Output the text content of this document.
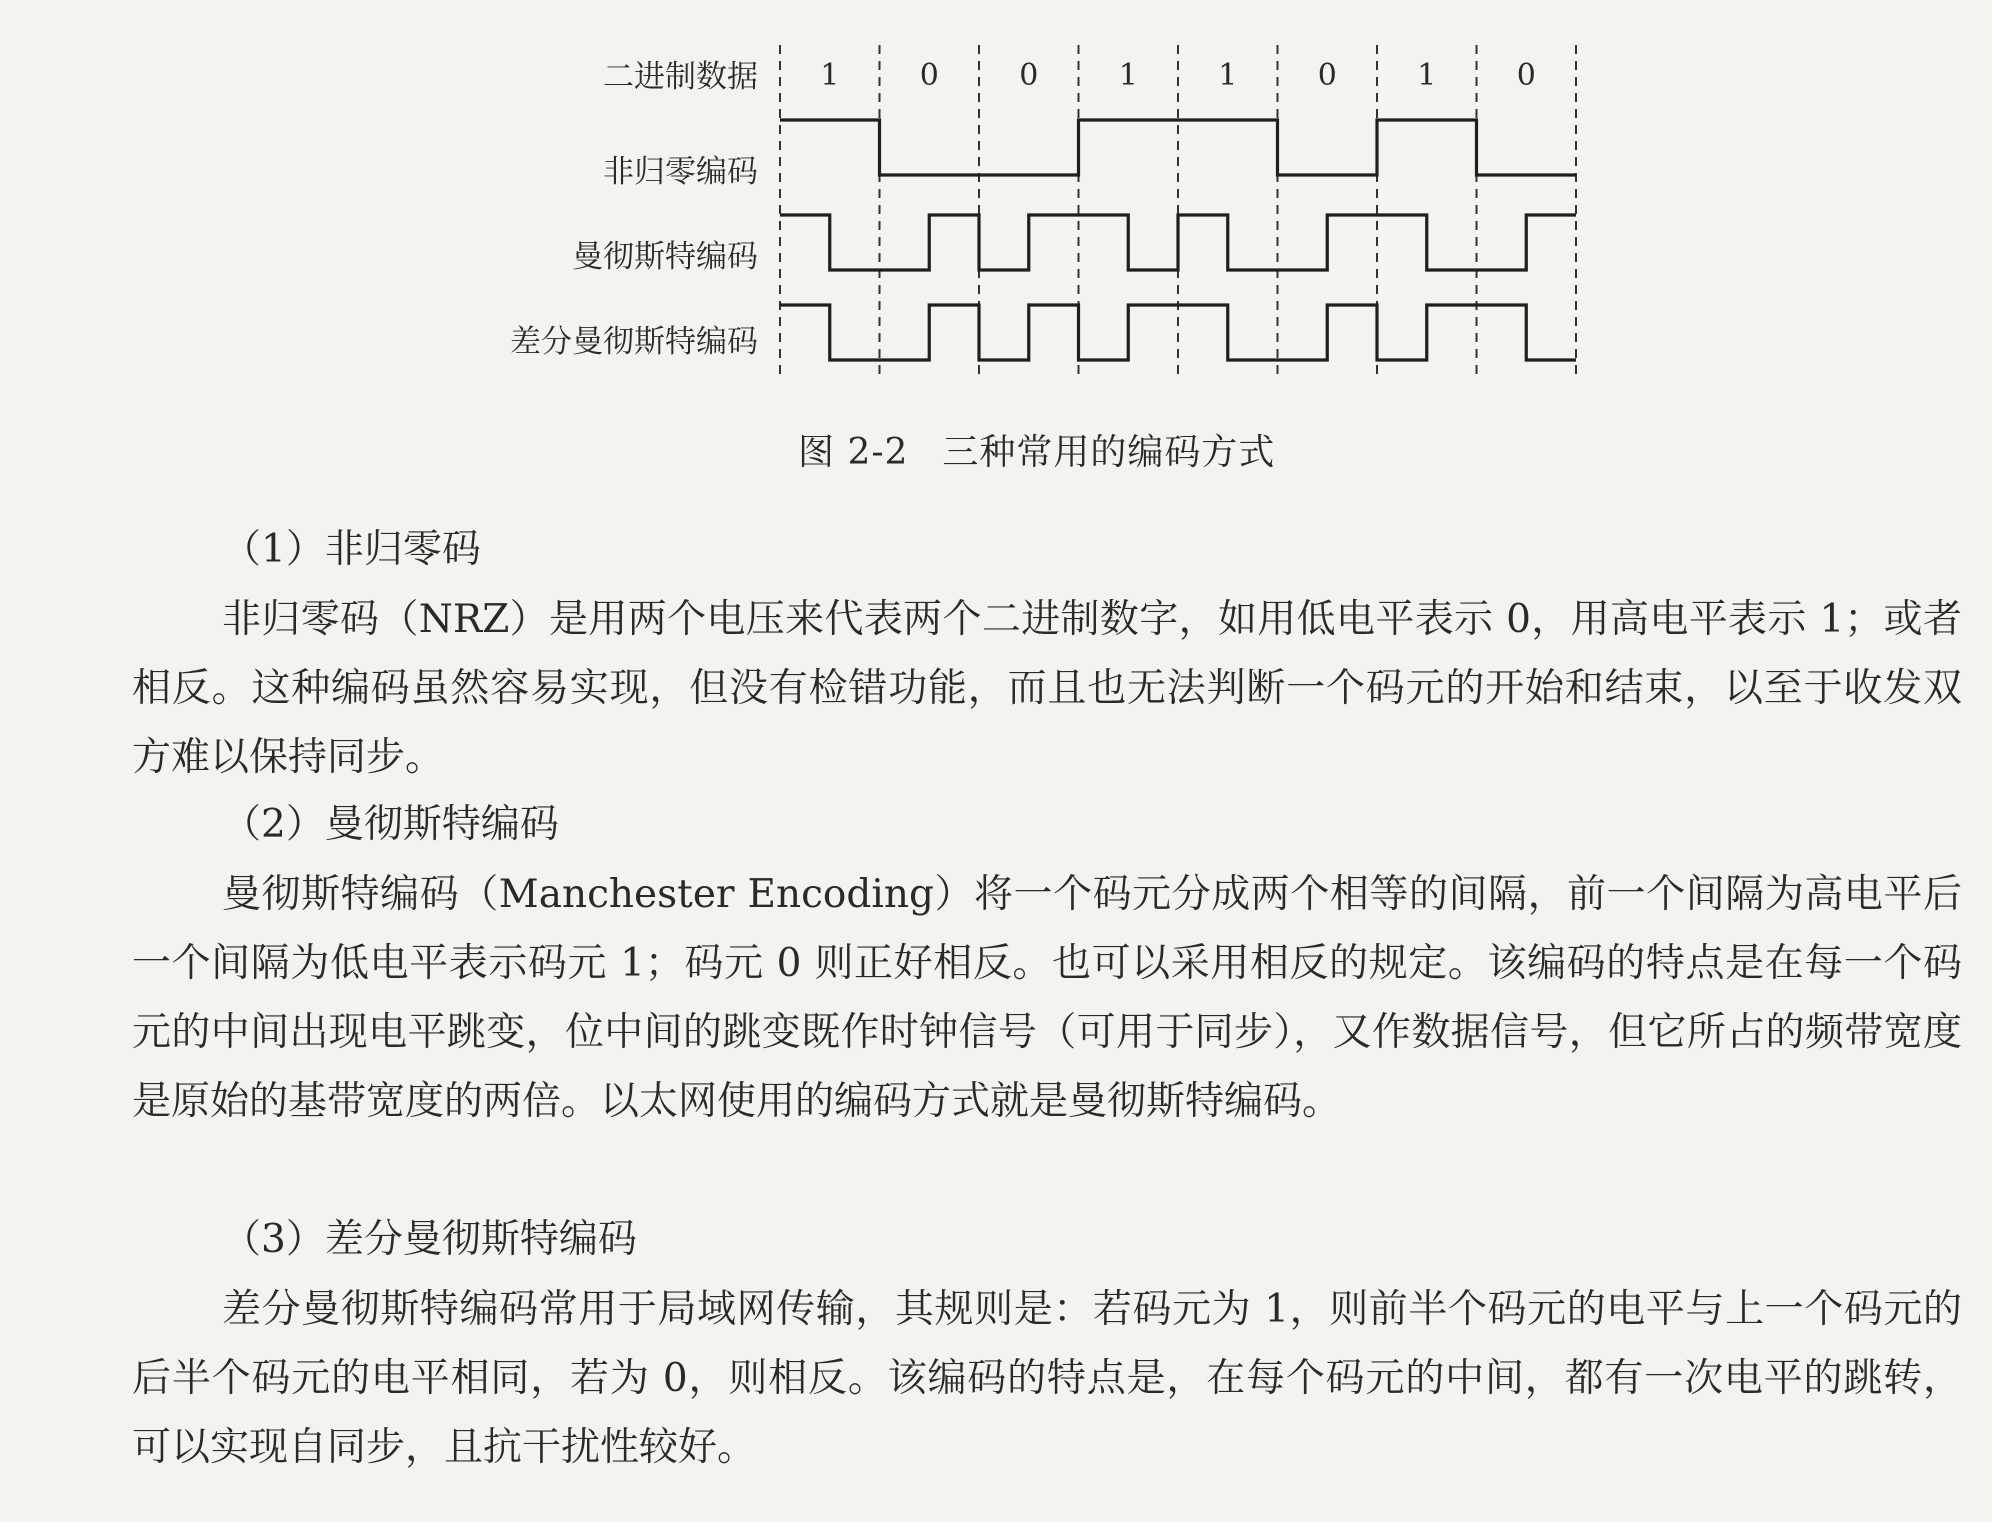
二进制数据
非归零编码
曼彻斯特编码
差分曼彻斯特编码
1	0	0	1	1	0	1	0
图 2-2 三种常用的编码方式
（1）非归零码
非归零码（NRZ）是用两个电压来代表两个二进制数字，如用低电平表示 0，用高电平表示 1；或者相反。这种编码虽然容易实现，但没有检错功能，而且也无法判断一个码元的开始和结束，以至于收发双方难以保持同步。
（2）曼彻斯特编码
曼彻斯特编码（Manchester Encoding）将一个码元分成两个相等的间隔，前一个间隔为高电平后一个间隔为低电平表示码元 1；码元 0 则正好相反。也可以采用相反的规定。该编码的特点是在每一个码元的中间出现电平跳变，位中间的跳变既作时钟信号（可用于同步），又作数据信号，但它所占的频带宽度是原始的基带宽度的两倍。以太网使用的编码方式就是曼彻斯特编码。
（3）差分曼彻斯特编码
差分曼彻斯特编码常用于局域网传输，其规则是：若码元为 1，则前半个码元的电平与上一个码元的后半个码元的电平相同，若为 0，则相反。该编码的特点是，在每个码元的中间，都有一次电平的跳转，可以实现自同步，且抗干扰性较好。
